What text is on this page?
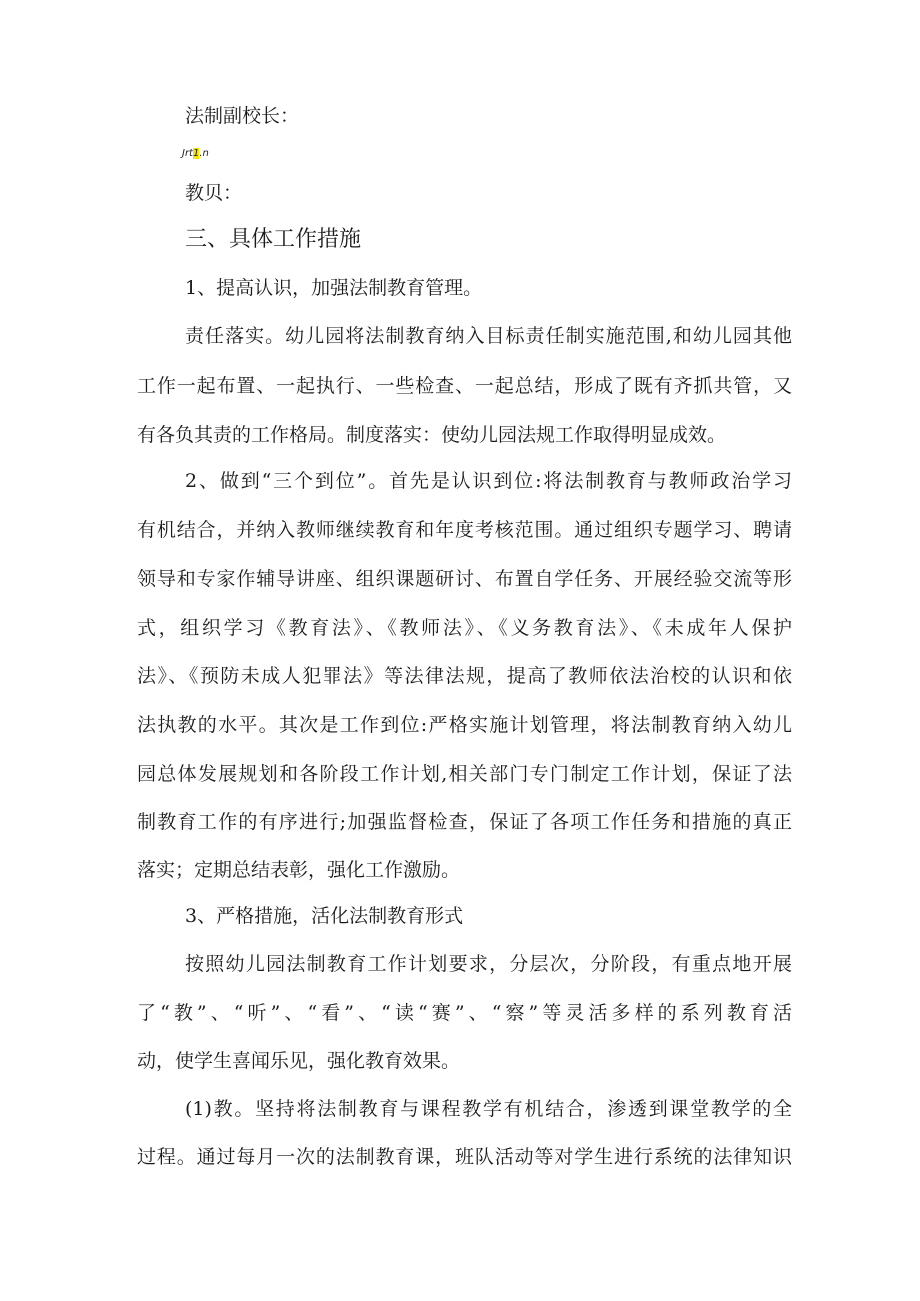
法制副校长：
Jrt1.n
教贝：
三、具体工作措施
1、提高认识，加强法制教育管理。
责任落实。幼儿园将法制教育纳入目标责任制实施范围,和幼儿园其他
工作一起布置、一起执行、一些检查、一起总结，形成了既有齐抓共管，又
有各负其责的工作格局。制度落实：使幼儿园法规工作取得明显成效。
2、做到“三个到位”。首先是认识到位:将法制教育与教师政治学习
有机结合，并纳入教师继续教育和年度考核范围。通过组织专题学习、聘请
领导和专家作辅导讲座、组织课题研讨、布置自学任务、开展经验交流等形
式，组织学习《教育法》、《教师法》、《义务教育法》、《未成年人保护
法》、《预防未成人犯罪法》等法律法规，提高了教师依法治校的认识和依
法执教的水平。其次是工作到位:严格实施计划管理，将法制教育纳入幼儿
园总体发展规划和各阶段工作计划,相关部门专门制定工作计划，保证了法
制教育工作的有序进行;加强监督检查，保证了各项工作任务和措施的真正
落实；定期总结表彰，强化工作激励。
3、严格措施，活化法制教育形式
按照幼儿园法制教育工作计划要求，分层次，分阶段，有重点地开展
了“教”、“听”、“看”、“读“赛”、“察”等灵活多样的系列教育活
动，使学生喜闻乐见，强化教育效果。
(1)教。坚持将法制教育与课程教学有机结合，渗透到课堂教学的全
过程。通过每月一次的法制教育课，班队活动等对学生进行系统的法律知识
